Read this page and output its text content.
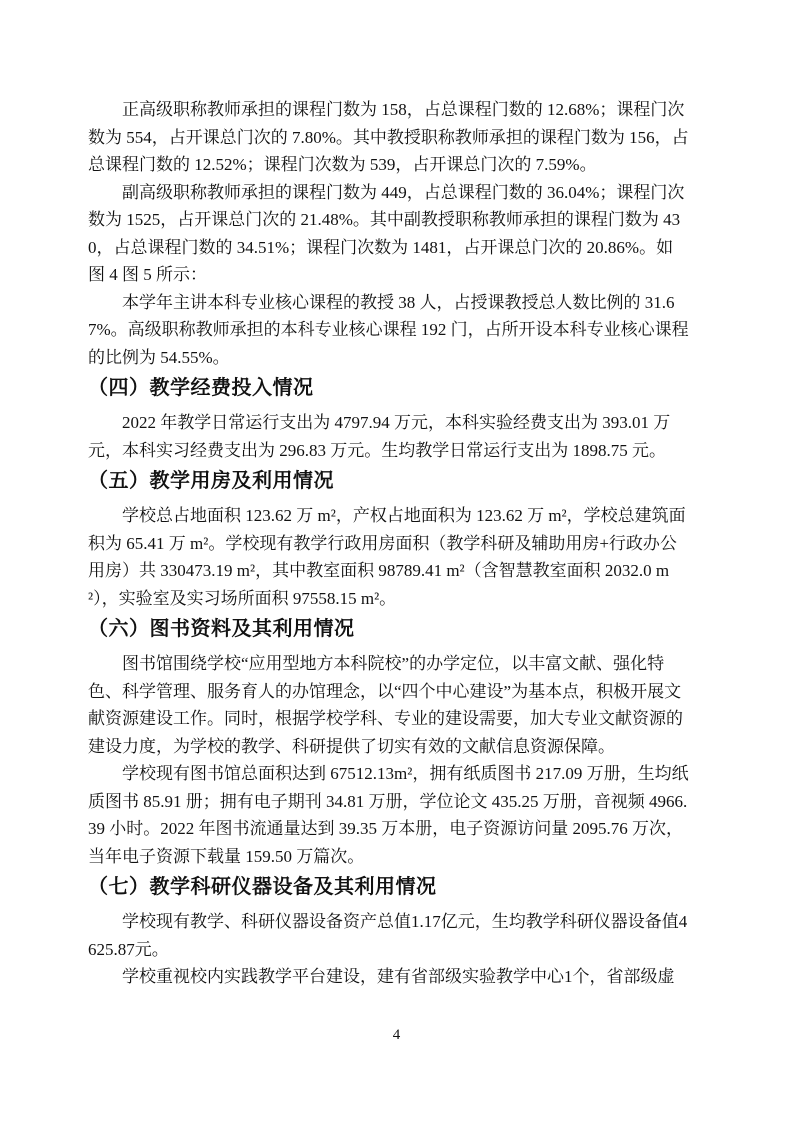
正高级职称教师承担的课程门数为 158，占总课程门数的 12.68%；课程门次数为 554，占开课总门次的 7.80%。其中教授职称教师承担的课程门数为 156，占总课程门数的 12.52%；课程门次数为 539，占开课总门次的 7.59%。

副高级职称教师承担的课程门数为 449，占总课程门数的 36.04%；课程门次数为 1525，占开课总门次的 21.48%。其中副教授职称教师承担的课程门数为 430，占总课程门数的 34.51%；课程门次数为 1481，占开课总门次的 20.86%。如图 4 图 5 所示：

本学年主讲本科专业核心课程的教授 38 人，占授课教授总人数比例的 31.67%。高级职称教师承担的本科专业核心课程 192 门，占所开设本科专业核心课程的比例为 54.55%。

（四）教学经费投入情况

2022 年教学日常运行支出为 4797.94 万元，本科实验经费支出为 393.01 万元，本科实习经费支出为 296.83 万元。生均教学日常运行支出为 1898.75 元。

（五）教学用房及利用情况

学校总占地面积 123.62 万 m²，产权占地面积为 123.62 万 m²，学校总建筑面积为 65.41 万 m²。学校现有教学行政用房面积（教学科研及辅助用房+行政办公用房）共 330473.19 m²，其中教室面积 98789.41 m²（含智慧教室面积 2032.0 m²），实验室及实习场所面积 97558.15 m²。

（六）图书资料及其利用情况

图书馆围绕学校“应用型地方本科院校”的办学定位，以丰富文献、强化特色、科学管理、服务育人的办馆理念，以“四个中心建设”为基本点，积极开展文献资源建设工作。同时，根据学校学科、专业的建设需要，加大专业文献资源的建设力度，为学校的教学、科研提供了切实有效的文献信息资源保障。

学校现有图书馆总面积达到 67512.13m²，拥有纸质图书 217.09 万册，生均纸质图书 85.91 册；拥有电子期刊 34.81 万册，学位论文 435.25 万册，音视频 4966.39 小时。2022 年图书流通量达到 39.35 万本册，电子资源访问量 2095.76 万次，当年电子资源下载量 159.50 万篇次。

（七）教学科研仪器设备及其利用情况

学校现有教学、科研仪器设备资产总值1.17亿元，生均教学科研仪器设备值4625.87元。

学校重视校内实践教学平台建设，建有省部级实验教学中心1个，省部级虚

4
